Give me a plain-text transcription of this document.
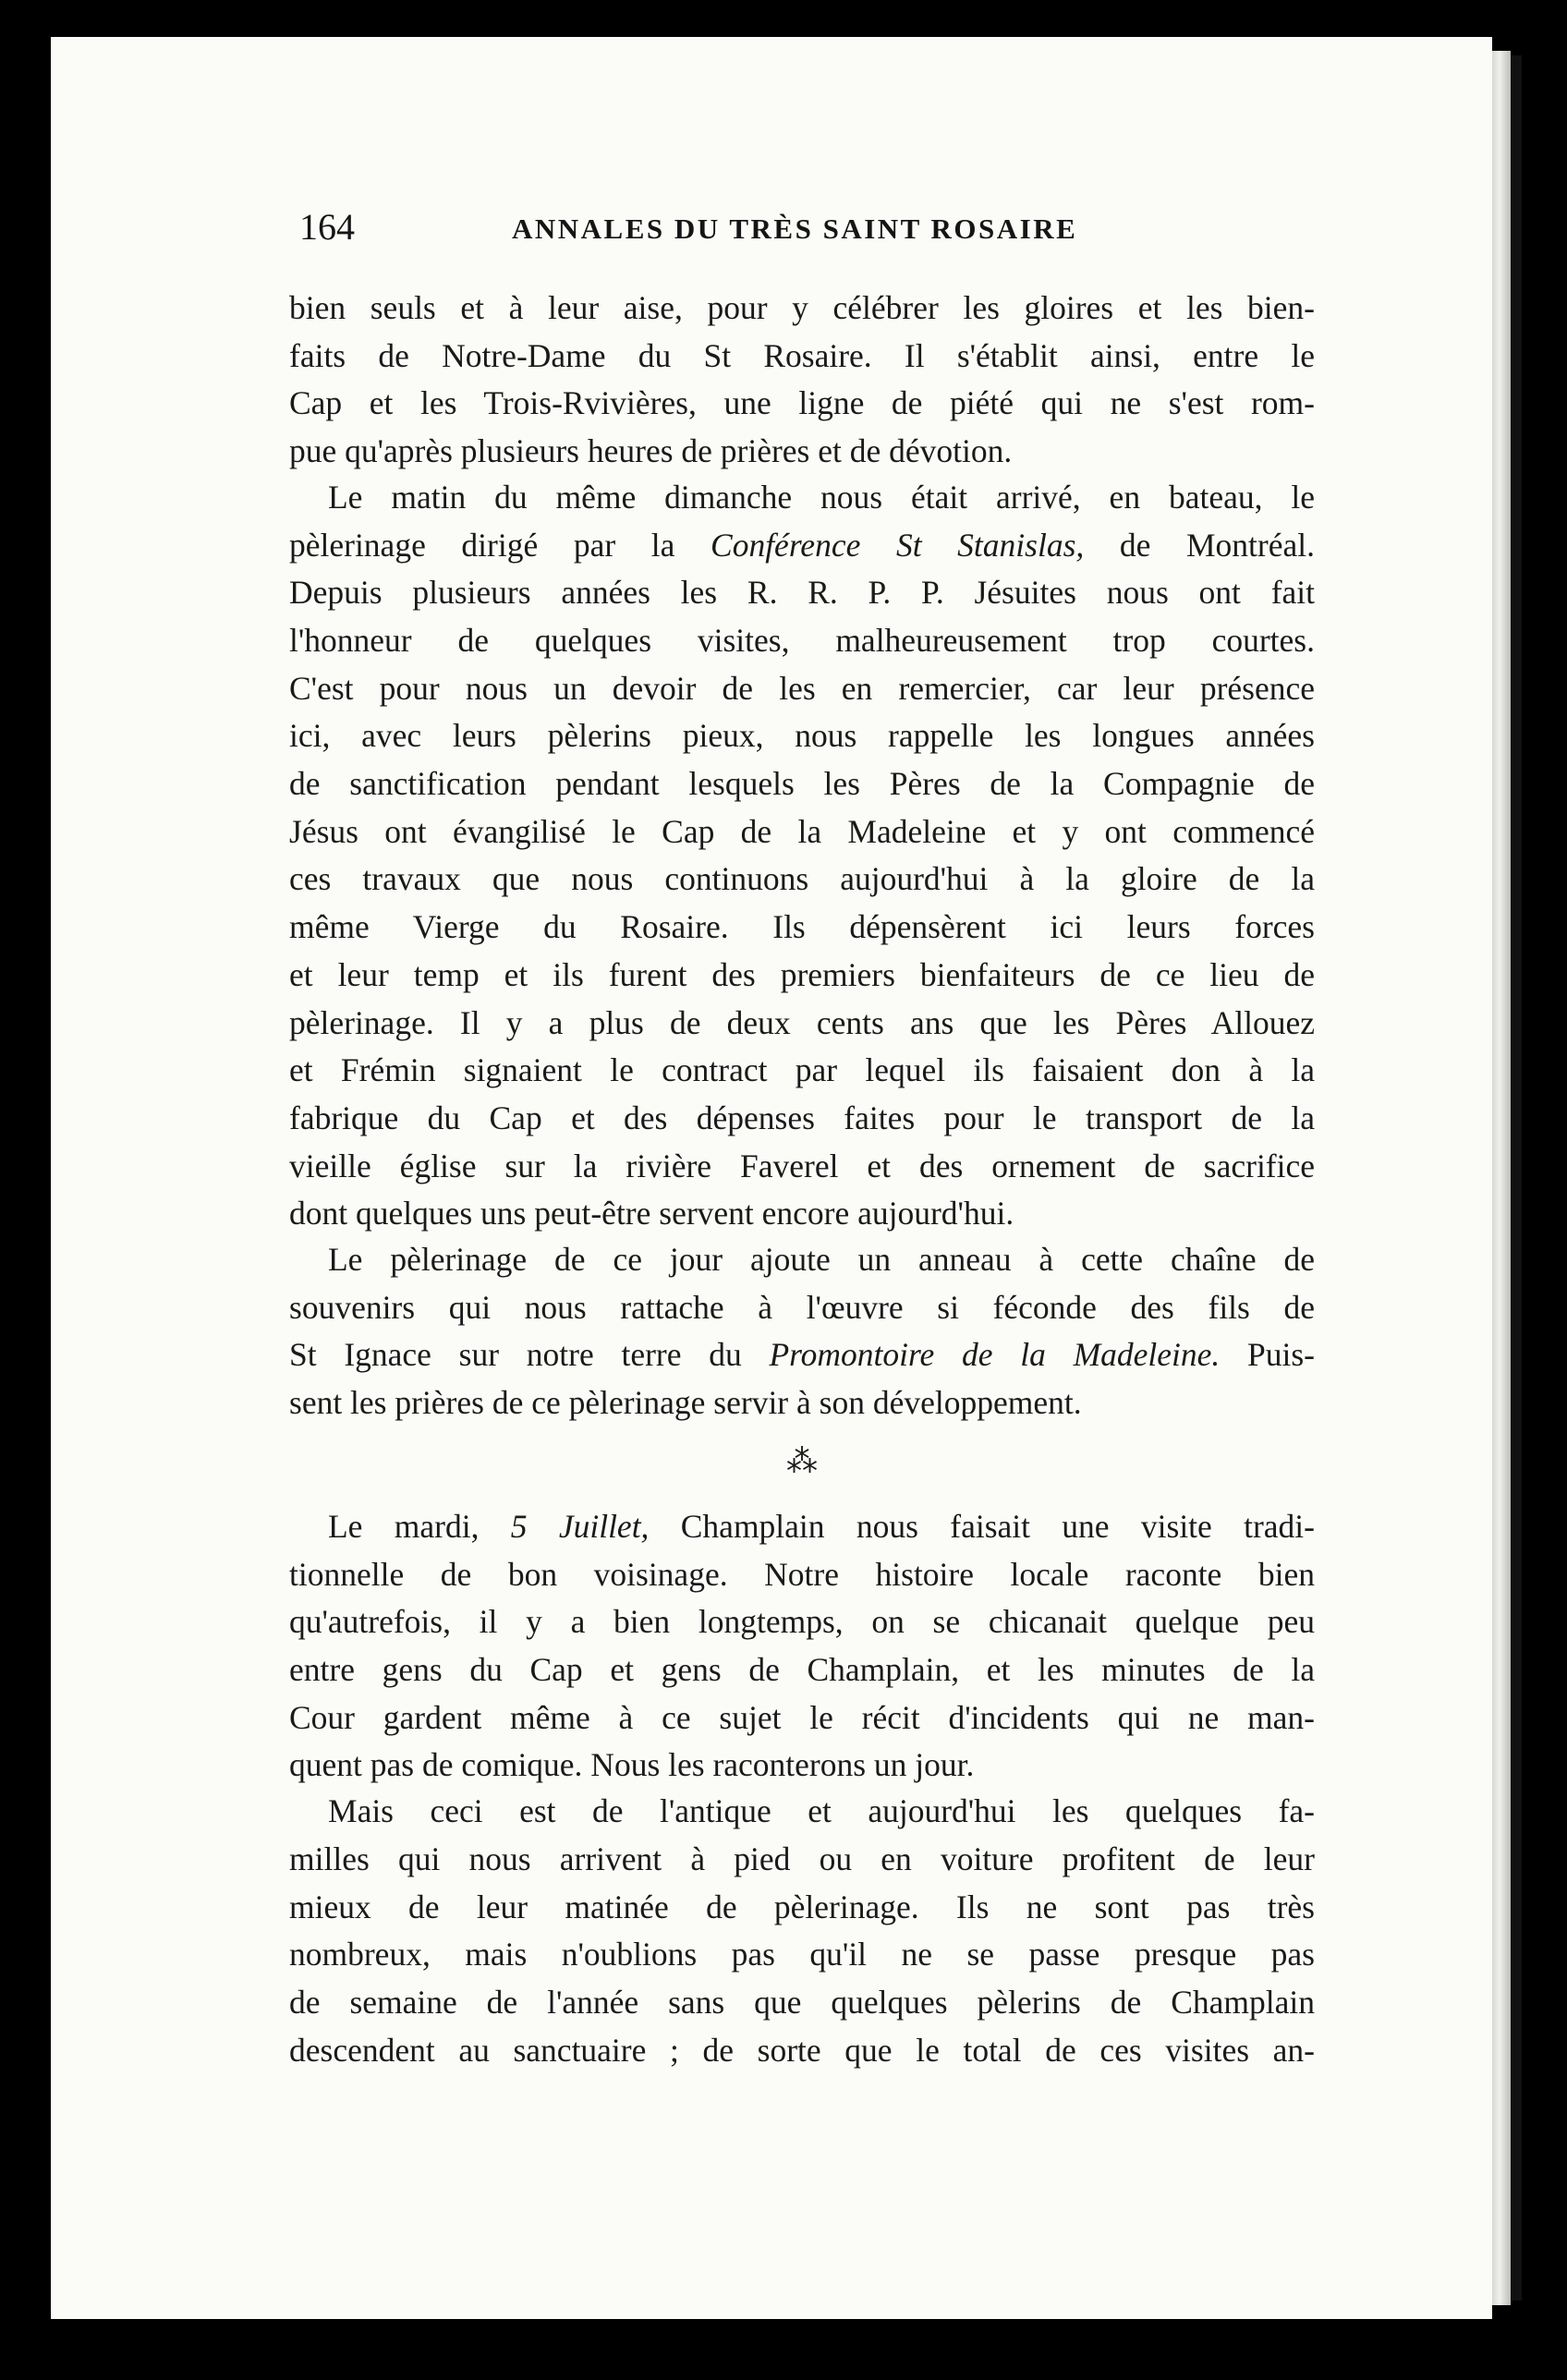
164	ANNALES DU TRÈS SAINT ROSAIRE

bien seuls et à leur aise, pour y célébrer les gloires et les bien-

faits de Notre-Dame du St Rosaire. Il s'établit ainsi, entre le

Cap et les Trois-Rvivières, une ligne de piété qui ne s'est rom-

pue qu'après plusieurs heures de prières et de dévotion.

Le matin du même dimanche nous était arrivé, en bateau, le

pèlerinage dirigé par la Conférence St Stanislas, de Montréal.

Depuis plusieurs années les R. R. P. P. Jésuites nous ont fait

l'honneur de quelques visites, malheureusement trop courtes.

C'est pour nous un devoir de les en remercier, car leur présence

ici, avec leurs pèlerins pieux, nous rappelle les longues années

de sanctification pendant lesquels les Pères de la Compagnie de

Jésus ont évangilisé le Cap de la Madeleine et y ont commencé

ces travaux que nous continuons aujourd'hui à la gloire de la

même Vierge du Rosaire. Ils dépensèrent ici leurs forces

et leur temp et ils furent des premiers bienfaiteurs de ce lieu de

pèlerinage. Il y a plus de deux cents ans que les Pères Allouez

et Frémin signaient le contract par lequel ils faisaient don à la

fabrique du Cap et des dépenses faites pour le transport de la

vieille église sur la rivière Faverel et des ornement de sacrifice

dont quelques uns peut-être servent encore aujourd'hui.

Le pèlerinage de ce jour ajoute un anneau à cette chaîne de

souvenirs qui nous rattache à l'œuvre si féconde des fils de

St Ignace sur notre terre du Promontoire de la Madeleine. Puis-

sent les prières de ce pèlerinage servir à son développement.

⁂

Le mardi, 5 Juillet, Champlain nous faisait une visite tradi-

tionnelle de bon voisinage. Notre histoire locale raconte bien

qu'autrefois, il y a bien longtemps, on se chicanait quelque peu

entre gens du Cap et gens de Champlain, et les minutes de la

Cour gardent même à ce sujet le récit d'incidents qui ne man-

quent pas de comique. Nous les raconterons un jour.

Mais ceci est de l'antique et aujourd'hui les quelques fa-

milles qui nous arrivent à pied ou en voiture profitent de leur

mieux de leur matinée de pèlerinage. Ils ne sont pas très

nombreux, mais n'oublions pas qu'il ne se passe presque pas

de semaine de l'année sans que quelques pèlerins de Champlain

descendent au sanctuaire ; de sorte que le total de ces visites an-
